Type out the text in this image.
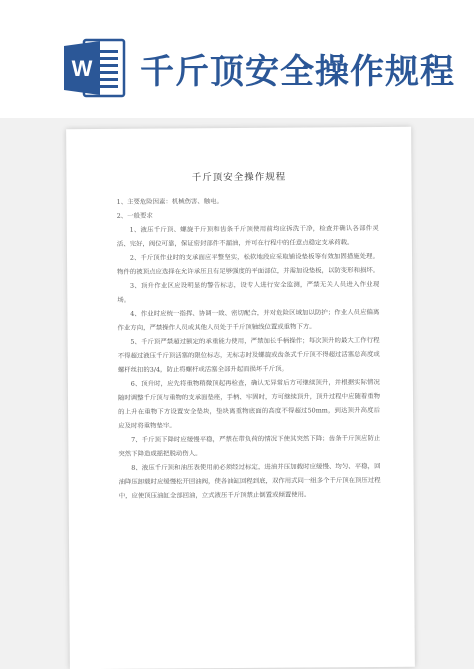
W 千斤顶安全操作规程
千斤顶安全操作规程

1、主要危险因素：机械伤害、触电。

2、一般要求

1、液压千斤顶、螺旋千斤顶和齿条千斤顶使用前均应拆洗干净，检查并确认各部件灵活、完好，阀位可靠，保证密封部件不漏油，并可在行程中的任意点稳定支承荷载。

2、千斤顶作业时的支承面应平整坚实，松软地段应采取铺设垫板等有效加固措施处理。物件的被顶点应选择在允许承压且有足够强度的平面部位，并需加设垫板，以防变形和损坏。

3、顶升作业区应设明显的警告标志，设专人进行安全监测，严禁无关人员进入作业现场。

4、作业时应统一指挥、协调一致、密切配合，并对危险区域加以防护；作业人员应偏离作业方向，严禁操作人员或其他人员处于千斤顶轴线位置或重物下方。

5、千斤顶严禁超过额定的承重能力使用，严禁加长手柄操作；每次顶升的最大工作行程不得超过液压千斤顶活塞的限位标志，无标志时及螺旋或齿条式千斤顶不得超过活塞总高度或螺杆丝扣的3/4，防止将螺杆或活塞全部升起而损坏千斤顶。

6、顶升时，应先将重物稍微顶起再检查，确认无异常后方可继续顶升，并根据实际情况随时调整千斤顶与重物的支承面垫座，手柄、牢固时，方可继续顶升，顶升过程中应随着重物的上升在重物下方设置安全垫块，垫块离重物底面的高度不得超过50mm，到达顶升高度后应及时将重物垫牢。

7、千斤顶下降时应缓慢平稳，严禁在带负荷的情况下使其突然下降；齿条千斤顶应防止突然下降造成摇把脱动伤人。

8、液压千斤顶和油压表使用前必须经过标定，进油并压加载时应缓慢、均匀、平稳，回油降压卸载时应缓慢松开回油阀，使各油缸回程到底，双作用式同一组多个千斤顶在顶压过程中，应使顶压油缸全部回油，立式液压千斤顶禁止倒置或倾置使用。
